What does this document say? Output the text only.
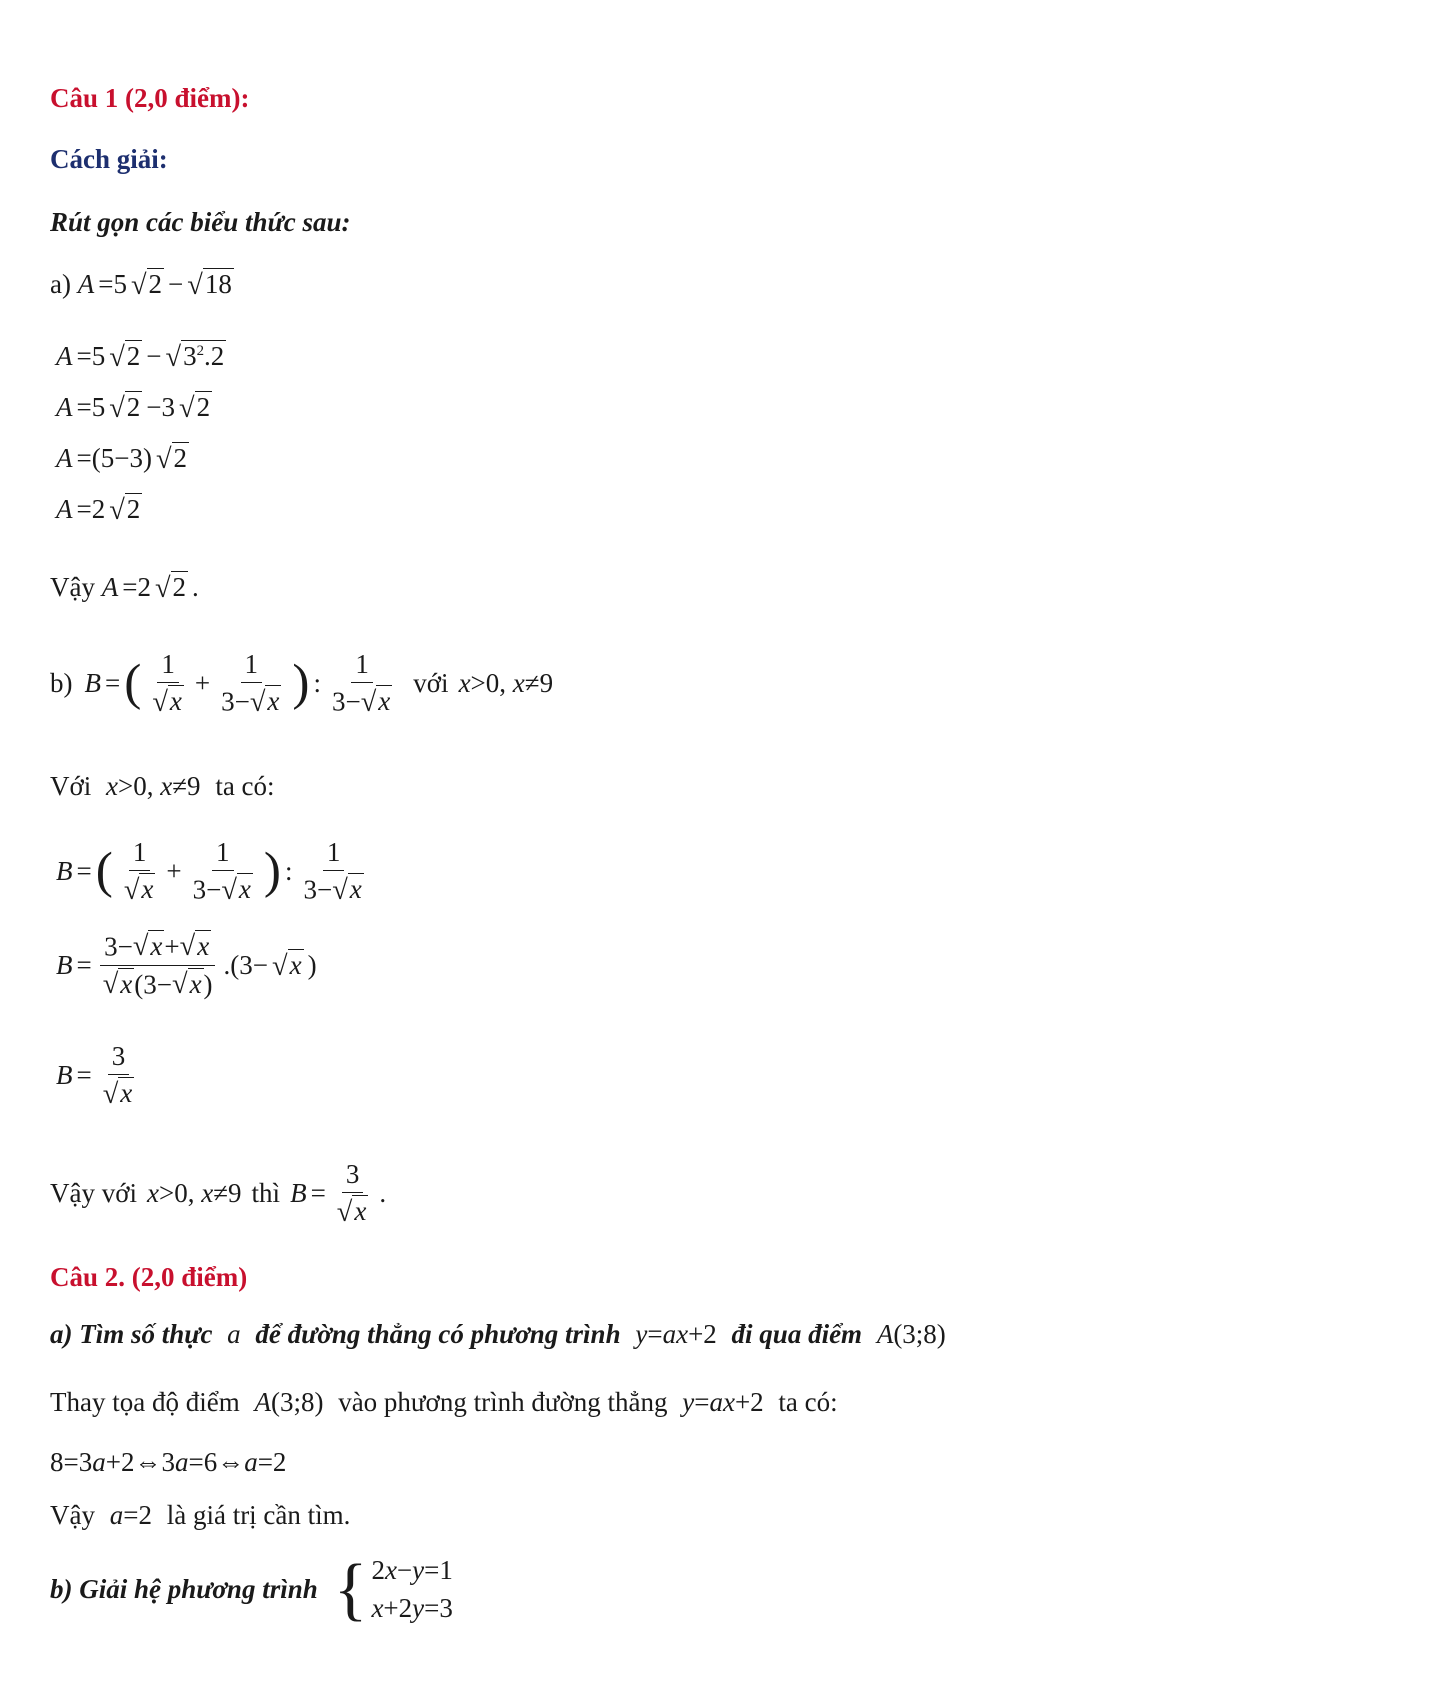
Câu 1 (2,0 điểm):
Cách giải:
Rút gọn các biểu thức sau:
a) A =5 √ 2 − √ 18
A =5 √ 2 − √ $3^2.2$
A =5 √ 2 −3 √ 2
A =(5−3) √ 2
A =2 √ 2
Vậy A =2 √ 2 .
b) B = ( $\frac{1}{√ x} + \frac{1}{3- √ x}$ ) : $\frac{1}{3- √ x}$ với x>0, x≠9
Với x>0, x≠9 ta có:
B = ( $\frac{1}{√ x} + \frac{1}{3- √ x}$ ) : $\frac{1}{3- √ x}$
$B = \frac{3- √ x + √ x}{√ x (3- √ x )} .(3-$ √ x )
$B = \frac{3}{√ x}$
Vậy với x>0, x≠9 thì $B = \frac{3}{√ x}$ .
Câu 2. (2,0 điểm)
a) Tìm số thực a để đường thẳng có phương trình y=ax+2 đi qua điểm A(3;8)
Thay tọa độ điểm A(3;8) vào phương trình đường thẳng y=ax+2 ta có:
8=3a+2⇔3a=6⇔a=2
Vậy a=2 là giá trị cần tìm.
b) Giải hệ phương trình { 2x−y=1
x+2y=3
